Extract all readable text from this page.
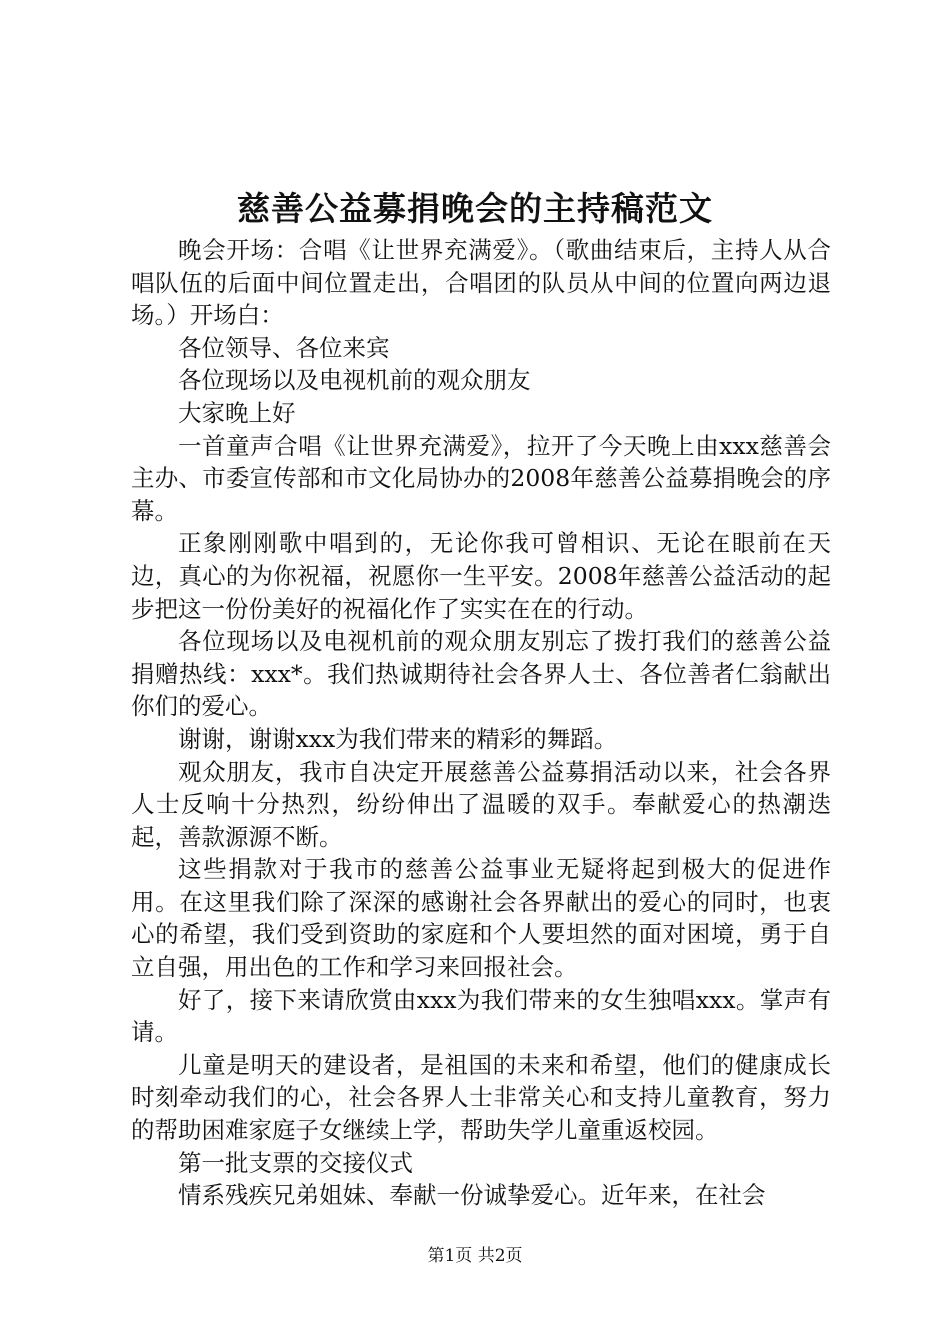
慈善公益募捐晚会的主持稿范文

晚会开场：合唱《让世界充满爱》。（歌曲结束后，主持人从合唱队伍的后面中间位置走出，合唱团的队员从中间的位置向两边退场。）开场白：

各位领导、各位来宾

各位现场以及电视机前的观众朋友

大家晚上好

一首童声合唱《让世界充满爱》，拉开了今天晚上由xxx慈善会主办、市委宣传部和市文化局协办的2008年慈善公益募捐晚会的序幕。

正象刚刚歌中唱到的，无论你我可曾相识、无论在眼前在天边，真心的为你祝福，祝愿你一生平安。2008年慈善公益活动的起步把这一份份美好的祝福化作了实实在在的行动。

各位现场以及电视机前的观众朋友别忘了拨打我们的慈善公益捐赠热线：xxx*。我们热诚期待社会各界人士、各位善者仁翁献出你们的爱心。

谢谢，谢谢xxx为我们带来的精彩的舞蹈。

观众朋友，我市自决定开展慈善公益募捐活动以来，社会各界人士反响十分热烈，纷纷伸出了温暖的双手。奉献爱心的热潮迭起，善款源源不断。

这些捐款对于我市的慈善公益事业无疑将起到极大的促进作用。在这里我们除了深深的感谢社会各界献出的爱心的同时，也衷心的希望，我们受到资助的家庭和个人要坦然的面对困境，勇于自立自强，用出色的工作和学习来回报社会。

好了，接下来请欣赏由xxx为我们带来的女生独唱xxx。掌声有请。

儿童是明天的建设者，是祖国的未来和希望，他们的健康成长时刻牵动我们的心，社会各界人士非常关心和支持儿童教育，努力的帮助困难家庭子女继续上学，帮助失学儿童重返校园。

第一批支票的交接仪式

情系残疾兄弟姐妹、奉献一份诚挚爱心。近年来，在社会

第1页 共2页
